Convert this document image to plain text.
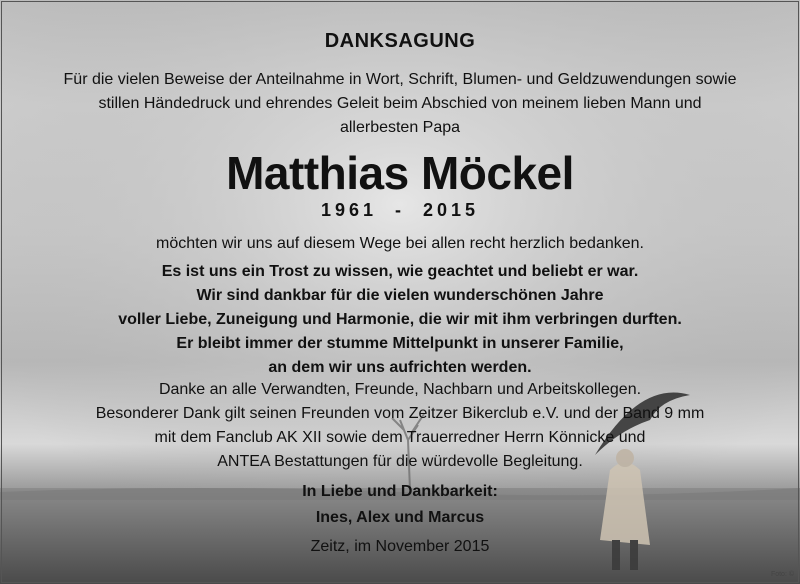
DANKSAGUNG
Für die vielen Beweise der Anteilnahme in Wort, Schrift, Blumen- und Geldzuwendungen sowie
stillen Händedruck und ehrendes Geleit beim Abschied von meinem lieben Mann und
allerbesten Papa
Matthias Möckel
1961 - 2015
möchten wir uns auf diesem Wege bei allen recht herzlich bedanken.
Es ist uns ein Trost zu wissen, wie geachtet und beliebt er war.
Wir sind dankbar für die vielen wunderschönen Jahre
voller Liebe, Zuneigung und Harmonie, die wir mit ihm verbringen durften.
Er bleibt immer der stumme Mittelpunkt in unserer Familie,
an dem wir uns aufrichten werden.
Danke an alle Verwandten, Freunde, Nachbarn und Arbeitskollegen.
Besonderer Dank gilt seinen Freunden vom Zeitzer Bikerclub e.V. und der Band 9 mm
mit dem Fanclub AK XII sowie dem Trauerredner Herrn Könnicke und
ANTEA Bestattungen für die würdevolle Begleitung.
In Liebe und Dankbarkeit:
Ines, Alex und Marcus
Zeitz, im November 2015
Foto: ©
